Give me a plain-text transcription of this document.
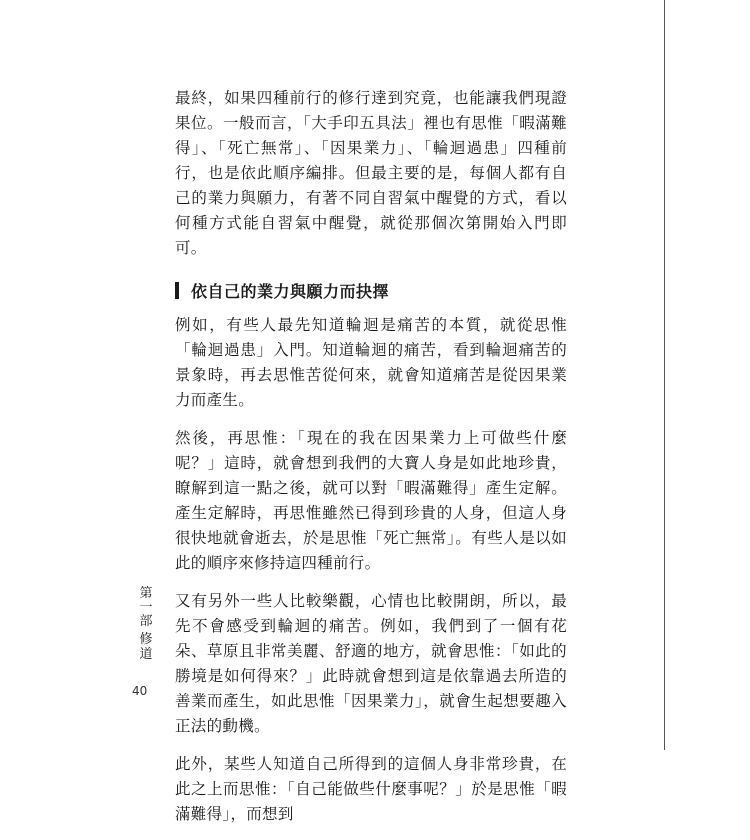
最終，如果四種前行的修行達到究竟，也能讓我們現證果位。一般而言，「大手印五具法」裡也有思惟「暇滿難得」、「死亡無常」、「因果業力」、「輪迴過患」四種前行，也是依此順序編排。但最主要的是，每個人都有自己的業力與願力，有著不同自習氣中醒覺的方式，看以何種方式能自習氣中醒覺，就從那個次第開始入門即可。

依自己的業力與願力而抉擇

例如，有些人最先知道輪迴是痛苦的本質，就從思惟「輪迴過患」入門。知道輪迴的痛苦，看到輪迴痛苦的景象時，再去思惟苦從何來，就會知道痛苦是從因果業力而產生。

然後，再思惟：「現在的我在因果業力上可做些什麼呢？」這時，就會想到我們的大寶人身是如此地珍貴，瞭解到這一點之後，就可以對「暇滿難得」產生定解。產生定解時，再思惟雖然已得到珍貴的人身，但這人身很快地就會逝去，於是思惟「死亡無常」。有些人是以如此的順序來修持這四種前行。

又有另外一些人比較樂觀，心情也比較開朗，所以，最先不會感受到輪迴的痛苦。例如，我們到了一個有花朵、草原且非常美麗、舒適的地方，就會思惟：「如此的勝境是如何得來？」此時就會想到這是依靠過去所造的善業而產生，如此思惟「因果業力」，就會生起想要趣入正法的動機。

此外，某些人知道自己所得到的這個人身非常珍貴，在此之上而思惟：「自己能做些什麼事呢？」於是思惟「暇滿難得」，而想到

第
一
部
修
道
40
